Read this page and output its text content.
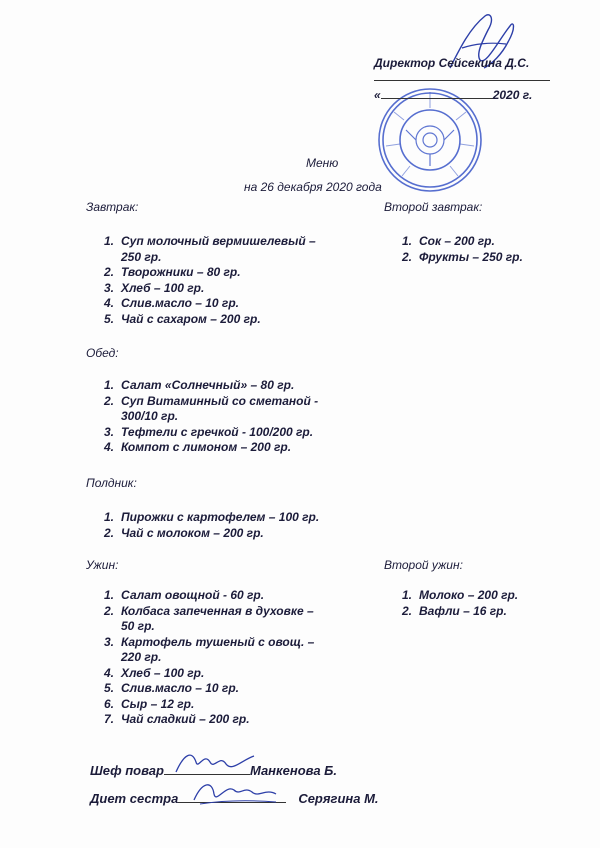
Директор Сейсекина Д.С.
«	2020 г.
Меню
на 26 декабря 2020 года
Завтрак:
1. Суп молочный вермишелевый –
250 гр.
2. Творожники – 80 гр.
3. Хлеб – 100 гр.
4. Слив.масло – 10 гр.
5. Чай с сахаром – 200 гр.
Второй завтрак:
1. Сок – 200 гр.
2. Фрукты – 250 гр.
Обед:
1. Салат «Солнечный» – 80 гр.
2. Суп Витаминный со сметаной -
300/10 гр.
3. Тефтели с гречкой - 100/200 гр.
4. Компот с лимоном – 200 гр.
Полдник:
1. Пирожки с картофелем – 100 гр.
2. Чай с молоком – 200 гр.
Ужин:
1. Салат овощной - 60 гр.
2. Колбаса запеченная в духовке –
50 гр.
3. Картофель тушеный с овощ. –
220 гр.
4. Хлеб – 100 гр.
5. Слив.масло – 10 гр.
6. Сыр – 12 гр.
7. Чай сладкий – 200 гр.
Второй ужин:
1. Молоко – 200 гр.
2. Вафли – 16 гр.
Шеф повар	Манкенова Б.
Диет сестра	Серягина М.
